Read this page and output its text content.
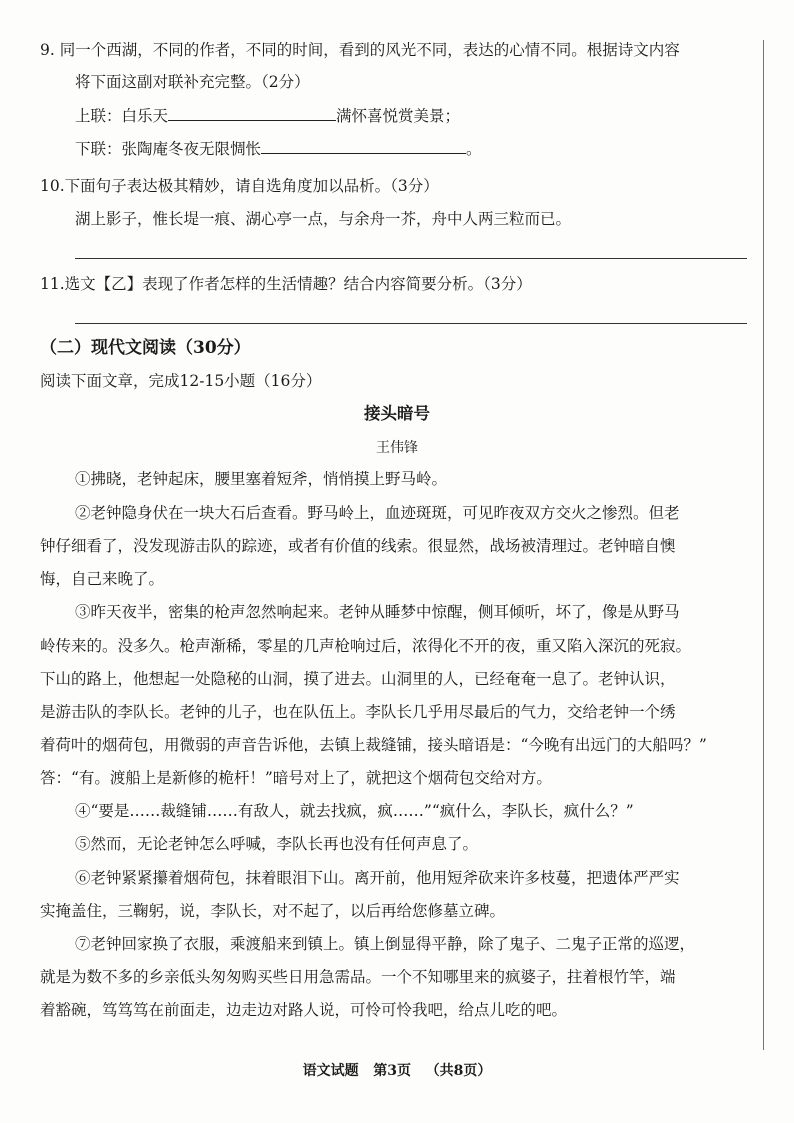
9. 同一个西湖，不同的作者，不同的时间，看到的风光不同，表达的心情不同。根据诗文内容
将下面这副对联补充完整。（2分）
上联：白乐天	满怀喜悦赏美景；
下联：张陶庵冬夜无限惆怅	。
10.下面句子表达极其精妙，请自选角度加以品析。（3分）
湖上影子，惟长堤一痕、湖心亭一点，与余舟一芥，舟中人两三粒而已。
11.选文【乙】表现了作者怎样的生活情趣？结合内容简要分析。（3分）
（二）现代文阅读（30分）
阅读下面文章，完成12-15小题（16分）
接头暗号
王伟锋
①拂晓，老钟起床，腰里塞着短斧，悄悄摸上野马岭。
②老钟隐身伏在一块大石后查看。野马岭上，血迹斑斑，可见昨夜双方交火之惨烈。但老
钟仔细看了，没发现游击队的踪迹，或者有价值的线索。很显然，战场被清理过。老钟暗自懊
悔，自己来晚了。
③昨天夜半，密集的枪声忽然响起来。老钟从睡梦中惊醒，侧耳倾听，坏了，像是从野马
岭传来的。没多久。枪声渐稀，零星的几声枪响过后，浓得化不开的夜，重又陷入深沉的死寂。
下山的路上，他想起一处隐秘的山洞，摸了进去。山洞里的人，已经奄奄一息了。老钟认识，
是游击队的李队长。老钟的儿子，也在队伍上。李队长几乎用尽最后的气力，交给老钟一个绣
着荷叶的烟荷包，用微弱的声音告诉他，去镇上裁缝铺，接头暗语是：“今晚有出远门的大船吗？”
答：“有。渡船上是新修的桅杆！”暗号对上了，就把这个烟荷包交给对方。
④“要是……裁缝铺……有敌人，就去找疯，疯……”“疯什么，李队长，疯什么？”
⑤然而，无论老钟怎么呼喊，李队长再也没有任何声息了。
⑥老钟紧紧攥着烟荷包，抹着眼泪下山。离开前，他用短斧砍来许多枝蔓，把遗体严严实
实掩盖住，三鞠躬，说，李队长，对不起了，以后再给您修墓立碑。
⑦老钟回家换了衣服，乘渡船来到镇上。镇上倒显得平静，除了鬼子、二鬼子正常的巡逻，
就是为数不多的乡亲低头匆匆购买些日用急需品。一个不知哪里来的疯婆子，拄着根竹竿，端
着豁碗，笃笃笃在前面走，边走边对路人说，可怜可怜我吧，给点儿吃的吧。
语文试题 第3页 （共8页）
